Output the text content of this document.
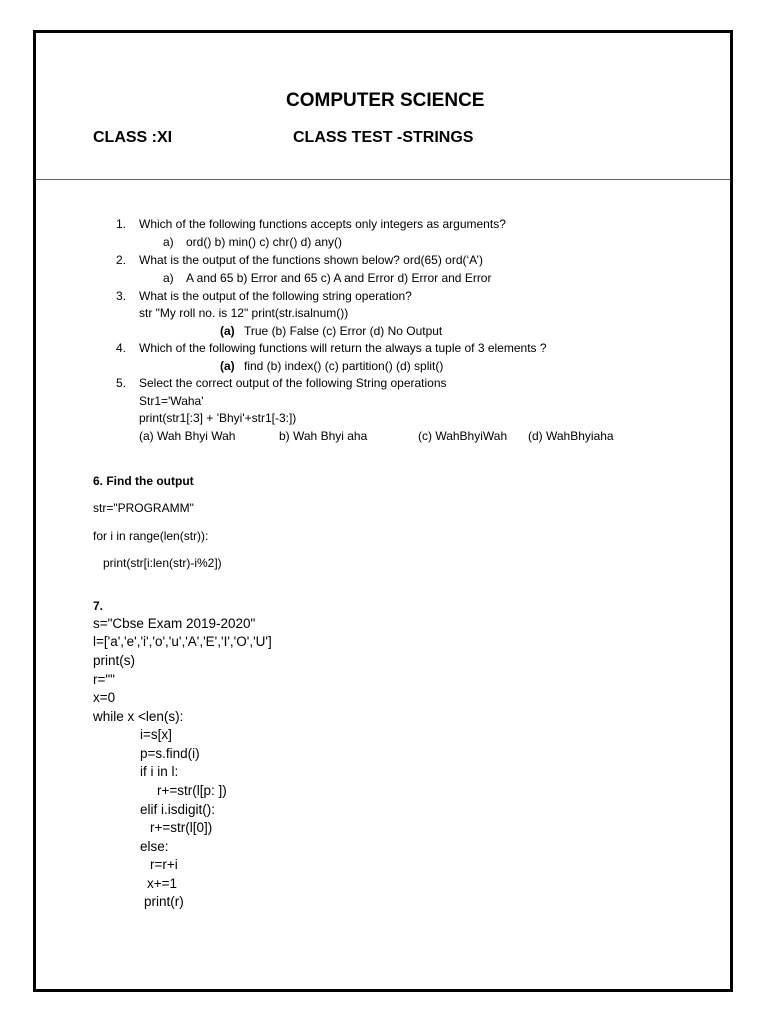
COMPUTER SCIENCE
CLASS :XI	CLASS TEST -STRINGS
1. Which of the following functions accepts only integers as arguments?
a) ord() b) min() c) chr() d) any()
2. What is the output of the functions shown below? ord(65) ord(‘A’)
a) A and 65 b) Error and 65 c) A and Error d) Error and Error
3. What is the output of the following string operation?
str "My roll no. is 12" print(str.isalnum())
(a) True (b) False (c) Error (d) No Output
4. Which of the following functions will return the always a tuple of 3 elements ?
(a) find (b) index() (c) partition() (d) split()
5. Select the correct output of the following String operations
Str1='Waha'
print(str1[:3] + 'Bhyi'+str1[-3:])
(a) Wah Bhyi Wah	b) Wah Bhyi aha	(c) WahBhyiWah (d) WahBhyiaha
6. Find the output
str="PROGRAMM"
for i in range(len(str)):
print(str[i:len(str)-i%2])
7.
s="Cbse Exam 2019-2020"
l=['a','e','i','o','u','A','E','I','O','U']
print(s)
r=""
x=0
while x <len(s):
i=s[x]
p=s.find(i)
if i in l:
r+=str(l[p: ])
elif i.isdigit():
r+=str(l[0])
else:
r=r+i
x+=1
print(r)
